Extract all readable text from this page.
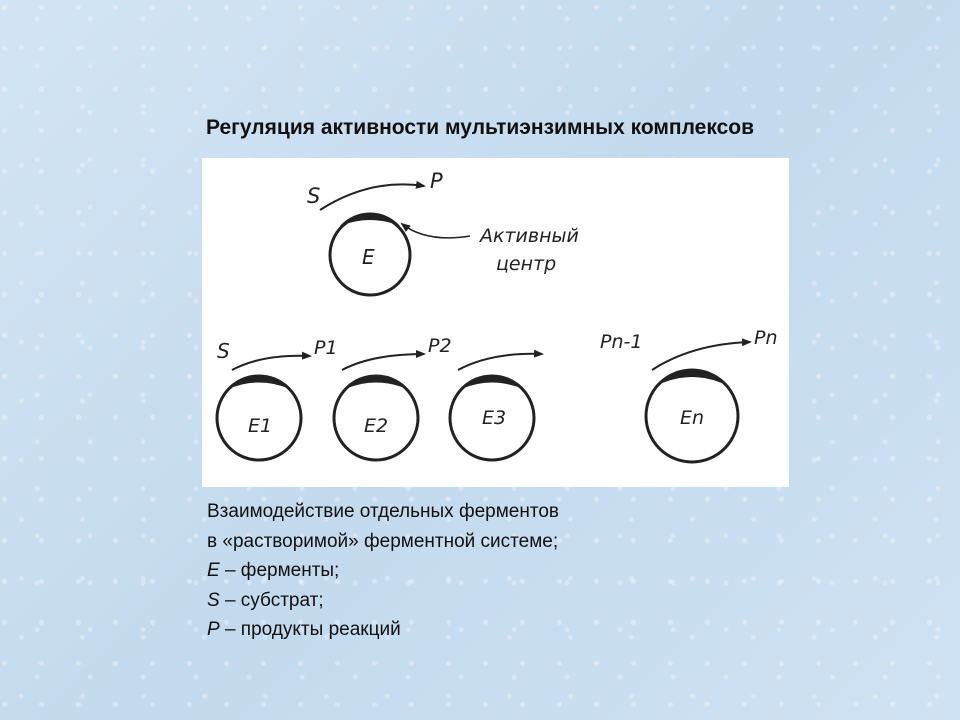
Регуляция активности мультиэнзимных комплексов
S
P
E
Активный
центр
S	P1	P2	Pn-1	Pn
E1	E2	E3	En
Взаимодействие отдельных ферментов
в «растворимой» ферментной системе;
E – ферменты;
S – субстрат;
P – продукты реакций
